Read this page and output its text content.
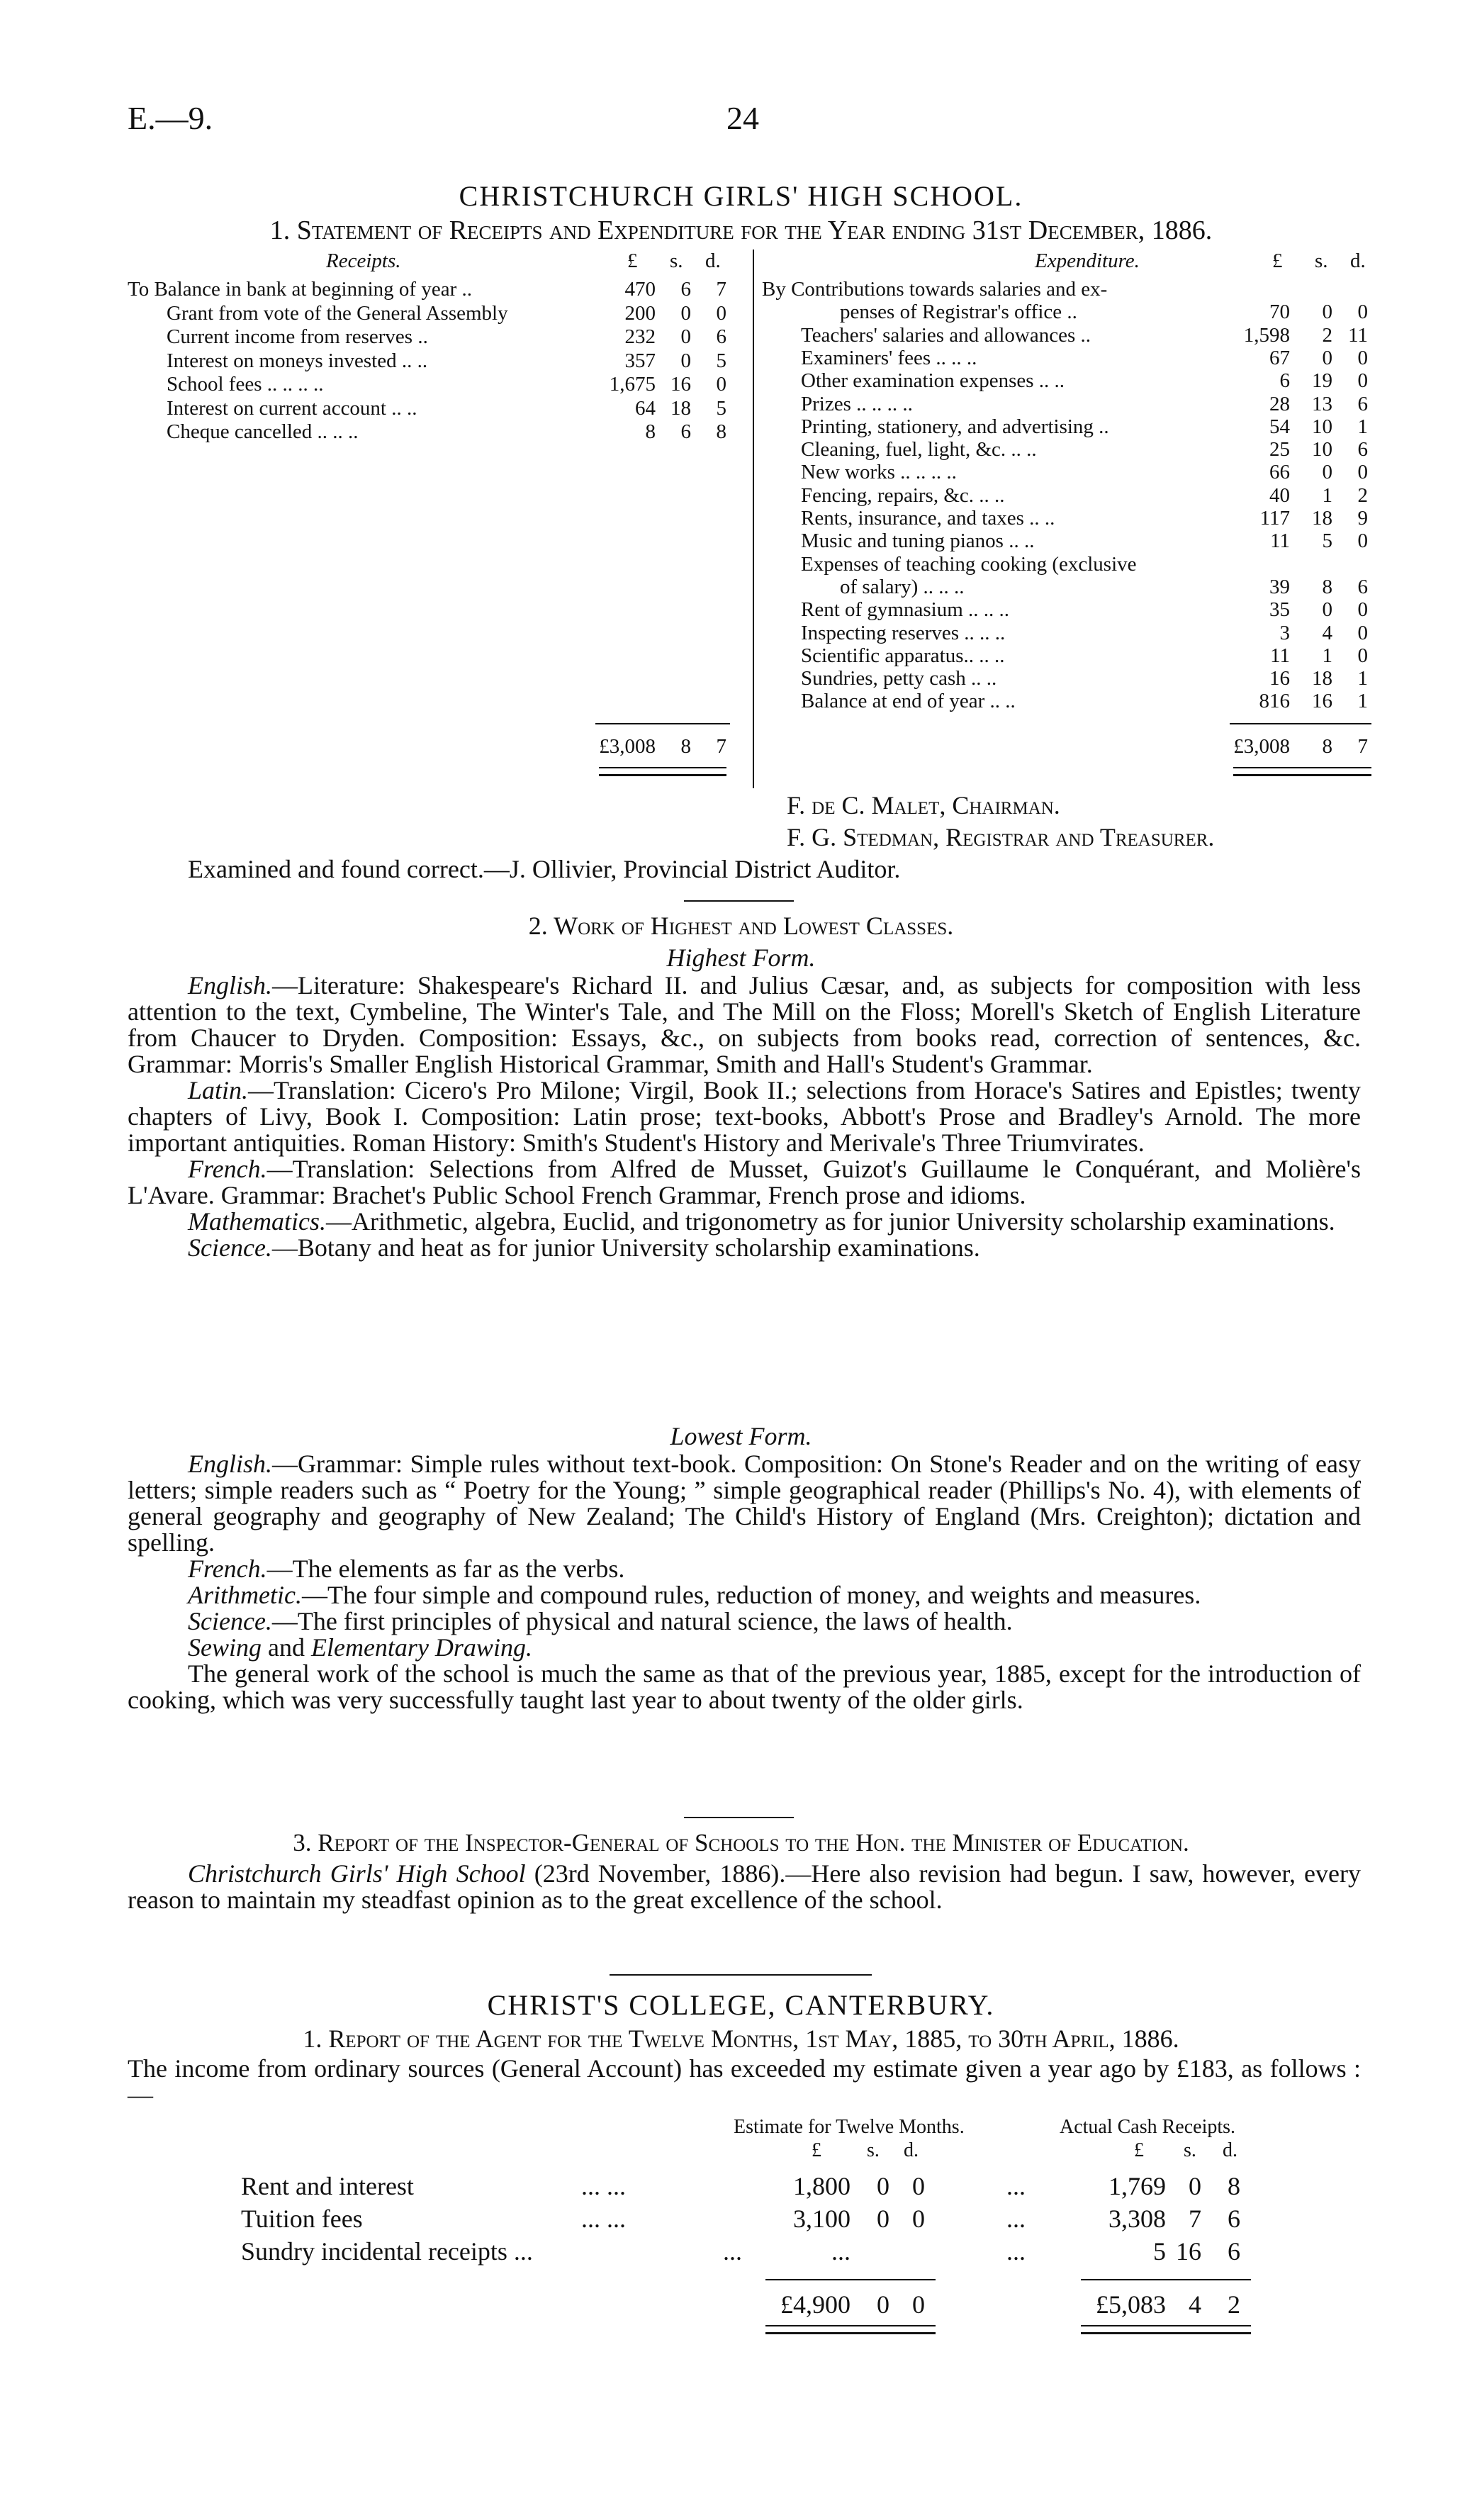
E.—9.	24
CHRISTCHURCH GIRLS' HIGH SCHOOL.
1. Statement of Receipts and Expenditure for the Year ending 31st December, 1886.
Receipts.	£ s. d.
To Balance in bank at beginning of year ..	470	6	7
Grant from vote of the General Assembly	200	0	0
Current income from reserves ..	232	0	6
Interest on moneys invested .. ..	357	0	5
School fees .. .. .. ..	1,675 16	0
Interest on current account .. ..	64 18	5
Cheque cancelled .. .. ..	8	6	8
£3,008	8	7
Expenditure.	£ s. d.
By Contributions towards salaries and ex-
penses of Registrar's office ..	70	0	0
Teachers' salaries and allowances ..	1,598	2 11
Examiners' fees .. .. ..	67	0	0
Other examination expenses .. ..	6	19	0
Prizes .. .. .. ..	28	13	6
Printing, stationery, and advertising ..	54	10	1
Cleaning, fuel, light, &c. .. ..	25	10	6
New works .. .. .. ..	66	0	0
Fencing, repairs, &c. .. ..	40	1	2
Rents, insurance, and taxes .. ..	117	18	9
Music and tuning pianos .. ..	11	5	0
Expenses of teaching cooking (exclusive
of salary) .. .. ..	39	8	6
Rent of gymnasium .. .. ..	35	0	0
Inspecting reserves .. .. ..	3	4	0
Scientific apparatus.. .. ..	11	1	0
Sundries, petty cash .. ..	16	18	1
Balance at end of year .. ..	816	16	1
£3,008	8	7
F. de C. Malet, Chairman.
F. G. Stedman, Registrar and Treasurer.
Examined and found correct.—J. Ollivier, Provincial District Auditor.
2. Work of Highest and Lowest Classes.
Highest Form.
English.—Literature: Shakespeare's Richard II. and Julius Cæsar, and, as subjects for composition with less attention to the text, Cymbeline, The Winter's Tale, and The Mill on the Floss; Morell's Sketch of English Literature from Chaucer to Dryden. Composition: Essays, &c., on subjects from books read, correction of sentences, &c. Grammar: Morris's Smaller English Historical Grammar, Smith and Hall's Student's Grammar.
Latin.—Translation: Cicero's Pro Milone; Virgil, Book II.; selections from Horace's Satires and Epistles; twenty chapters of Livy, Book I. Composition: Latin prose; text-books, Abbott's Prose and Bradley's Arnold. The more important antiquities. Roman History: Smith's Student's History and Merivale's Three Triumvirates.
French.—Translation: Selections from Alfred de Musset, Guizot's Guillaume le Conquérant, and Molière's L'Avare. Grammar: Brachet's Public School French Grammar, French prose and idioms.
Mathematics.—Arithmetic, algebra, Euclid, and trigonometry as for junior University scholarship examinations.
Science.—Botany and heat as for junior University scholarship examinations.
Lowest Form.
English.—Grammar: Simple rules without text-book. Composition: On Stone's Reader and on the writing of easy letters; simple readers such as “ Poetry for the Young; ” simple geographical reader (Phillips's No. 4), with elements of general geography and geography of New Zealand; The Child's History of England (Mrs. Creighton); dictation and spelling.
French.—The elements as far as the verbs.
Arithmetic.—The four simple and compound rules, reduction of money, and weights and measures.
Science.—The first principles of physical and natural science, the laws of health.
Sewing and Elementary Drawing.
The general work of the school is much the same as that of the previous year, 1885, except for the introduction of cooking, which was very successfully taught last year to about twenty of the older girls.
3. Report of the Inspector-General of Schools to the Hon. the Minister of Education.
Christchurch Girls' High School (23rd November, 1886).—Here also revision had begun. I saw, however, every reason to maintain my steadfast opinion as to the great excellence of the school.
CHRIST'S COLLEGE, CANTERBURY.
1. Report of the Agent for the Twelve Months, 1st May, 1885, to 30th April, 1886.
The income from ordinary sources (General Account) has exceeded my estimate given a year ago by £183, as follows :—
Estimate for Twelve Months.	Actual Cash Receipts.
£ s. d.	£ s. d.
Rent and interest	... ...	1,800	0 0	...	1,769 0	8
Tuition fees	... ...	3,100	0 0	...	3,308 7	6
Sundry incidental receipts ...	...	...	...	5 16	6
£4,900	0 0	£5,083 4	2
